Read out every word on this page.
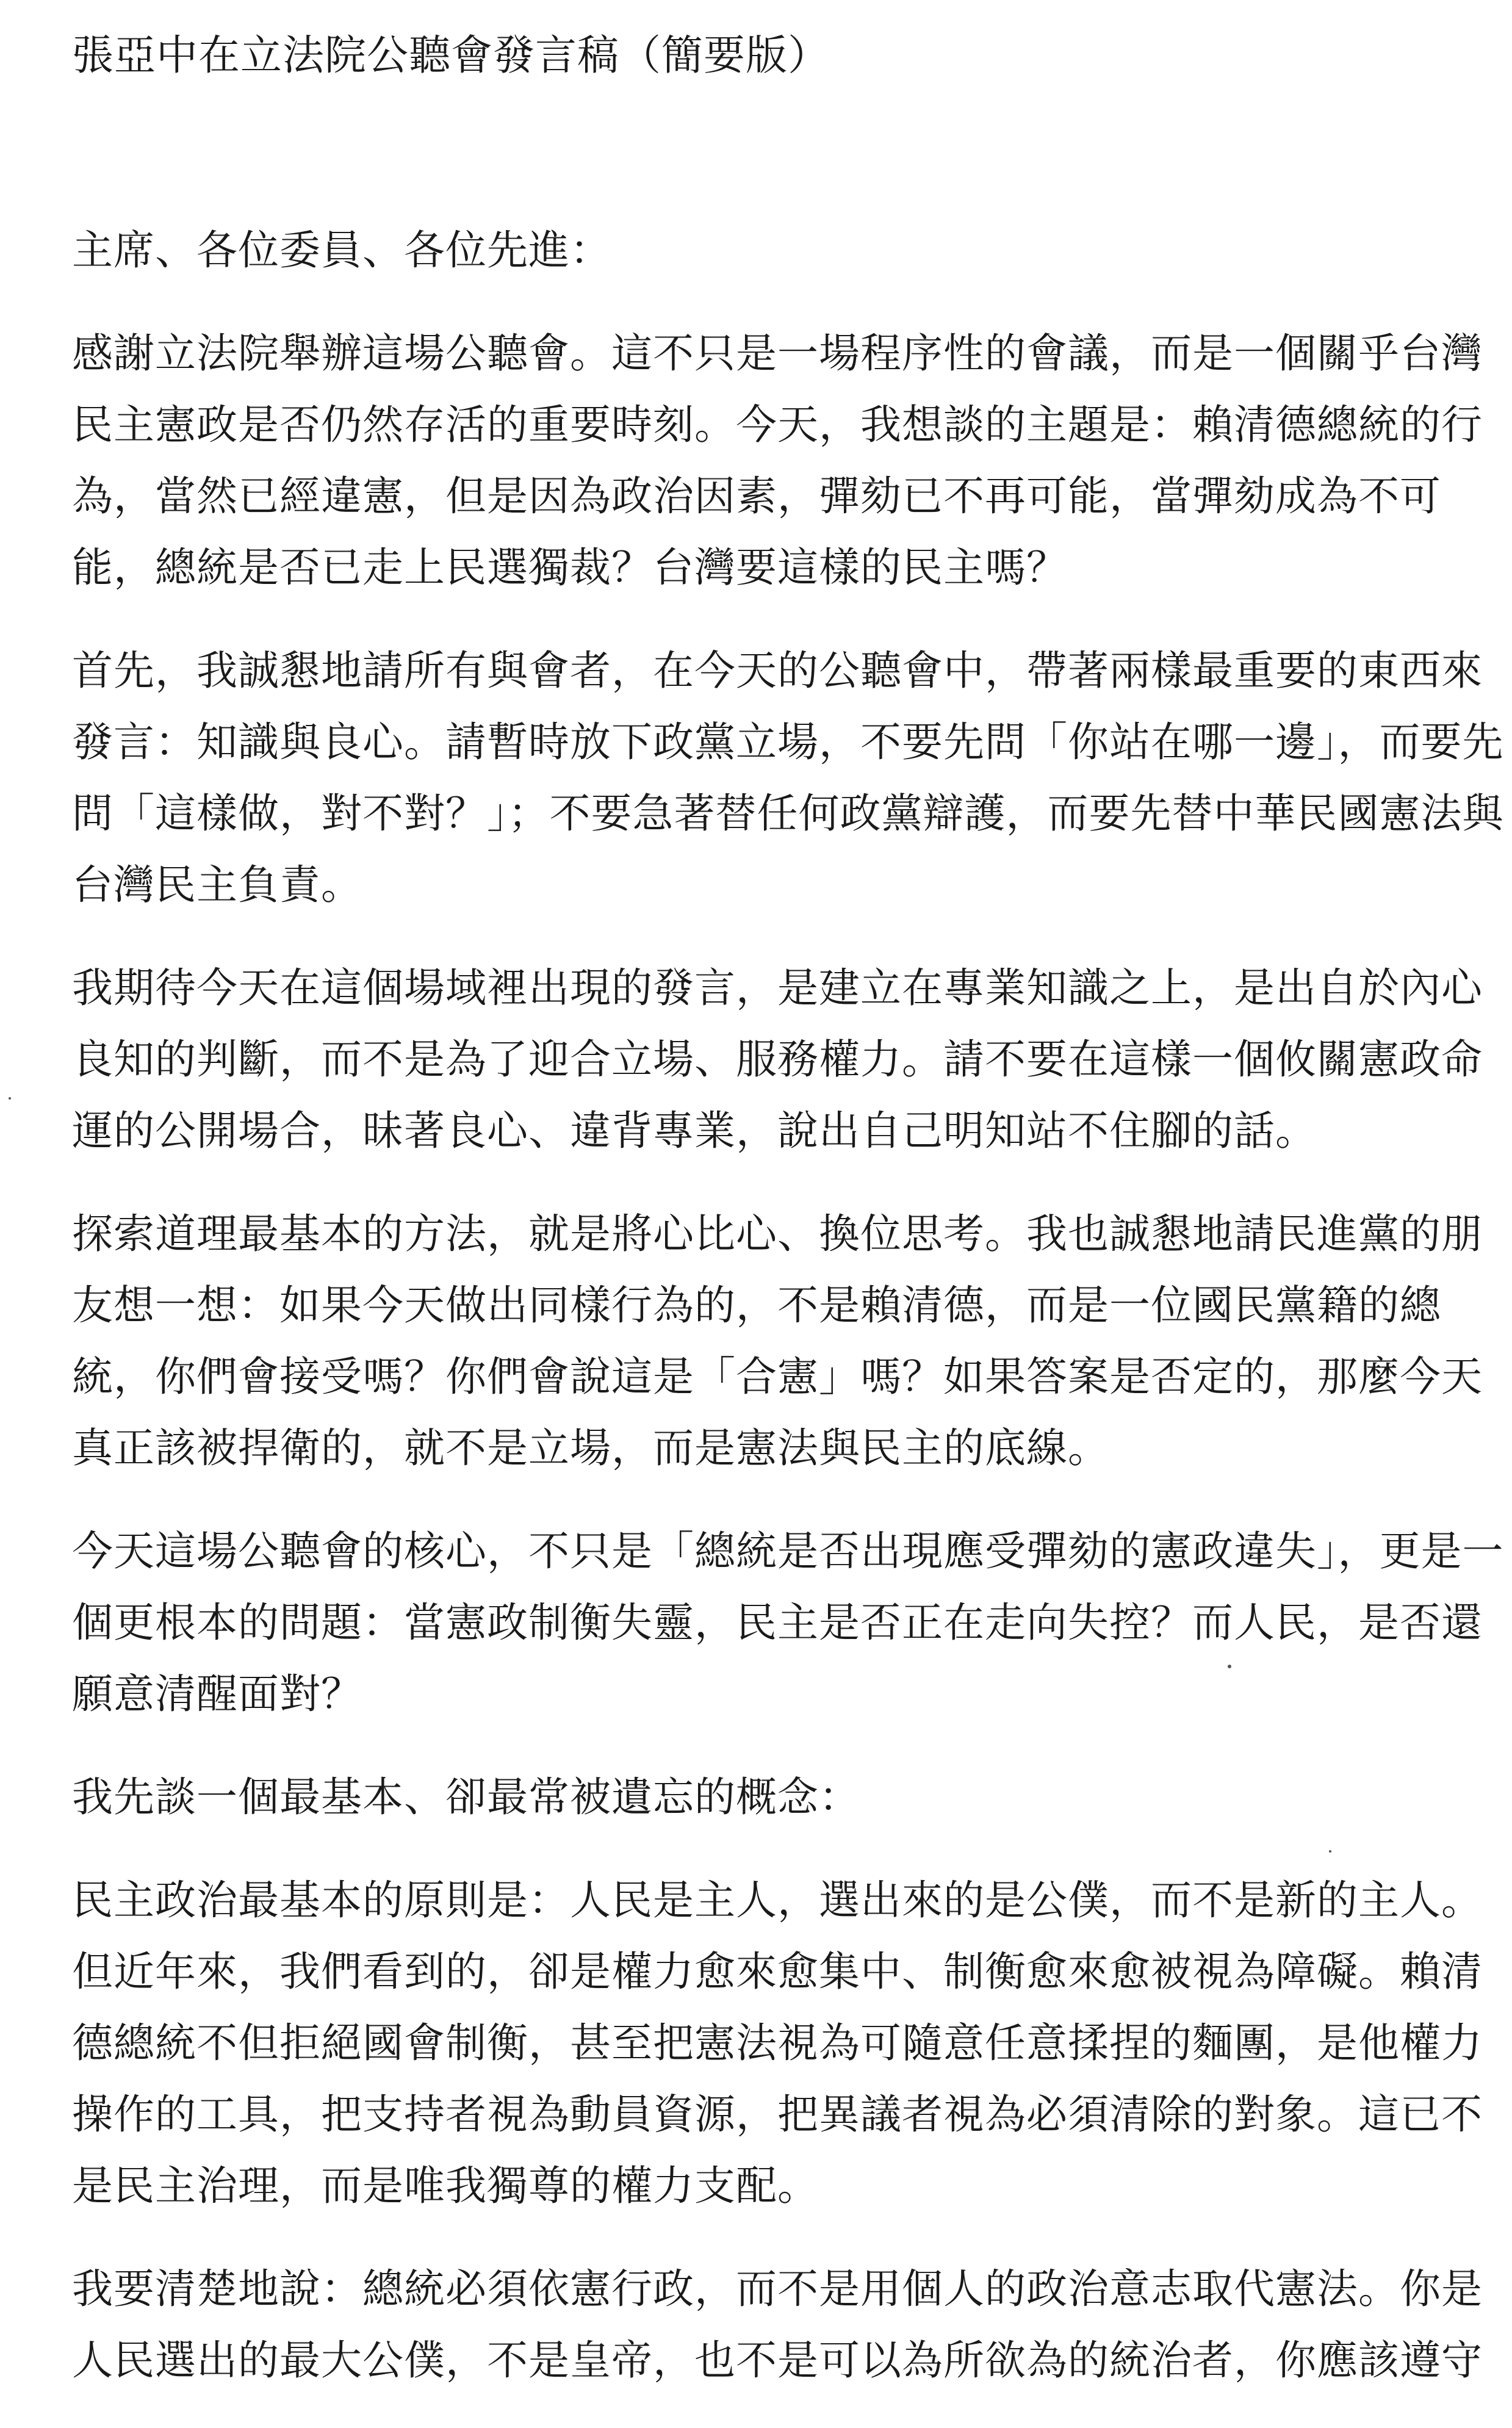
張亞中在立法院公聽會發言稿（簡要版）

主席、各位委員、各位先進：

感謝立法院舉辦這場公聽會。這不只是一場程序性的會議，而是一個關乎台灣
民主憲政是否仍然存活的重要時刻。今天，我想談的主題是：賴清德總統的行
為，當然已經違憲，但是因為政治因素，彈劾已不再可能，當彈劾成為不可
能，總統是否已走上民選獨裁？台灣要這樣的民主嗎？

首先，我誠懇地請所有與會者，在今天的公聽會中，帶著兩樣最重要的東西來
發言：知識與良心。請暫時放下政黨立場，不要先問「你站在哪一邊」，而要先
問「這樣做，對不對？」；不要急著替任何政黨辯護，而要先替中華民國憲法與
台灣民主負責。

我期待今天在這個場域裡出現的發言，是建立在專業知識之上，是出自於內心
良知的判斷，而不是為了迎合立場、服務權力。請不要在這樣一個攸關憲政命
運的公開場合，昧著良心、違背專業，說出自己明知站不住腳的話。

探索道理最基本的方法，就是將心比心、換位思考。我也誠懇地請民進黨的朋
友想一想：如果今天做出同樣行為的，不是賴清德，而是一位國民黨籍的總
統，你們會接受嗎？你們會說這是「合憲」嗎？如果答案是否定的，那麼今天
真正該被捍衛的，就不是立場，而是憲法與民主的底線。

今天這場公聽會的核心，不只是「總統是否出現應受彈劾的憲政違失」，更是一
個更根本的問題：當憲政制衡失靈，民主是否正在走向失控？而人民，是否還
願意清醒面對？

我先談一個最基本、卻最常被遺忘的概念：

民主政治最基本的原則是：人民是主人，選出來的是公僕，而不是新的主人。
但近年來，我們看到的，卻是權力愈來愈集中、制衡愈來愈被視為障礙。賴清
德總統不但拒絕國會制衡，甚至把憲法視為可隨意任意揉捏的麵團，是他權力
操作的工具，把支持者視為動員資源，把異議者視為必須清除的對象。這已不
是民主治理，而是唯我獨尊的權力支配。

我要清楚地說：總統必須依憲行政，而不是用個人的政治意志取代憲法。你是
人民選出的最大公僕，不是皇帝，也不是可以為所欲為的統治者，你應該遵守
